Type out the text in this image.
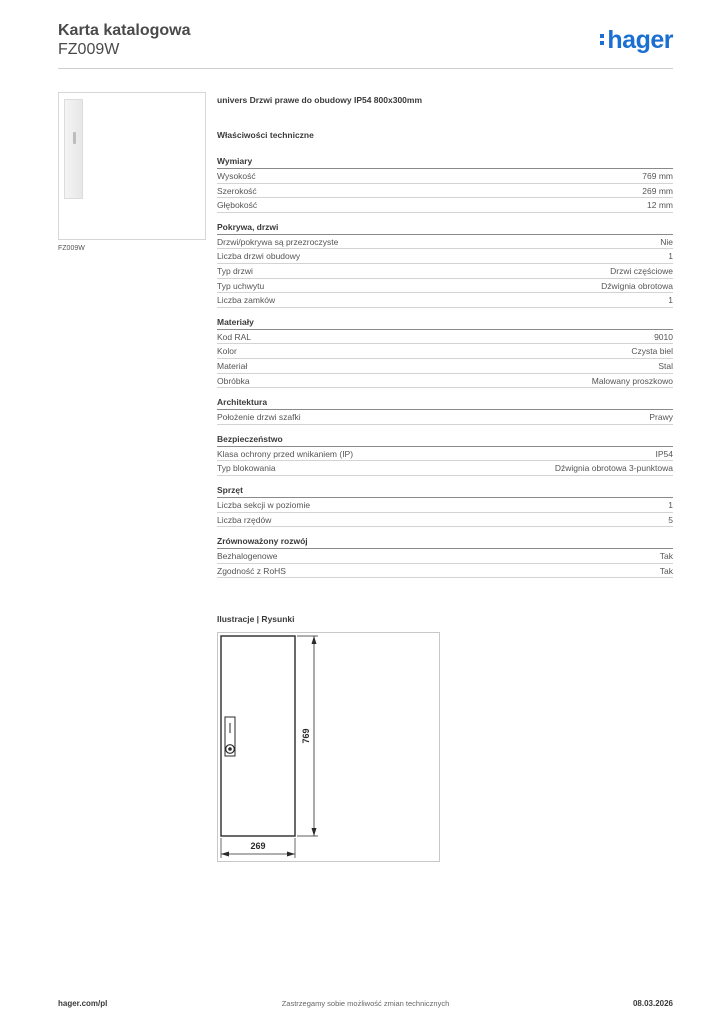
Karta katalogowa
FZ009W	hager
FZ009W
univers Drzwi prawe do obudowy IP54 800x300mm
Właściwości techniczne
Wymiary
Wysokość	769 mm
Szerokość	269 mm
Głębokość	12 mm
Pokrywa, drzwi
Drzwi/pokrywa są przezroczyste	Nie
Liczba drzwi obudowy	1
Typ drzwi	Drzwi częściowe
Typ uchwytu	Dźwignia obrotowa
Liczba zamków	1
Materiały
Kod RAL	9010
Kolor	Czysta biel
Materiał	Stal
Obróbka	Malowany proszkowo
Architektura
Położenie drzwi szafki	Prawy
Bezpieczeństwo
Klasa ochrony przed wnikaniem (IP)	IP54
Typ blokowania	Dźwignia obrotowa 3-punktowa
Sprzęt
Liczba sekcji w poziomie	1
Liczba rzędów	5
Zrównoważony rozwój
Bezhalogenowe	Tak
Zgodność z RoHS	Tak
Ilustracje | Rysunki
769
269
hager.com/pl	Zastrzegamy sobie możliwość zmian technicznych	08.03.2026
